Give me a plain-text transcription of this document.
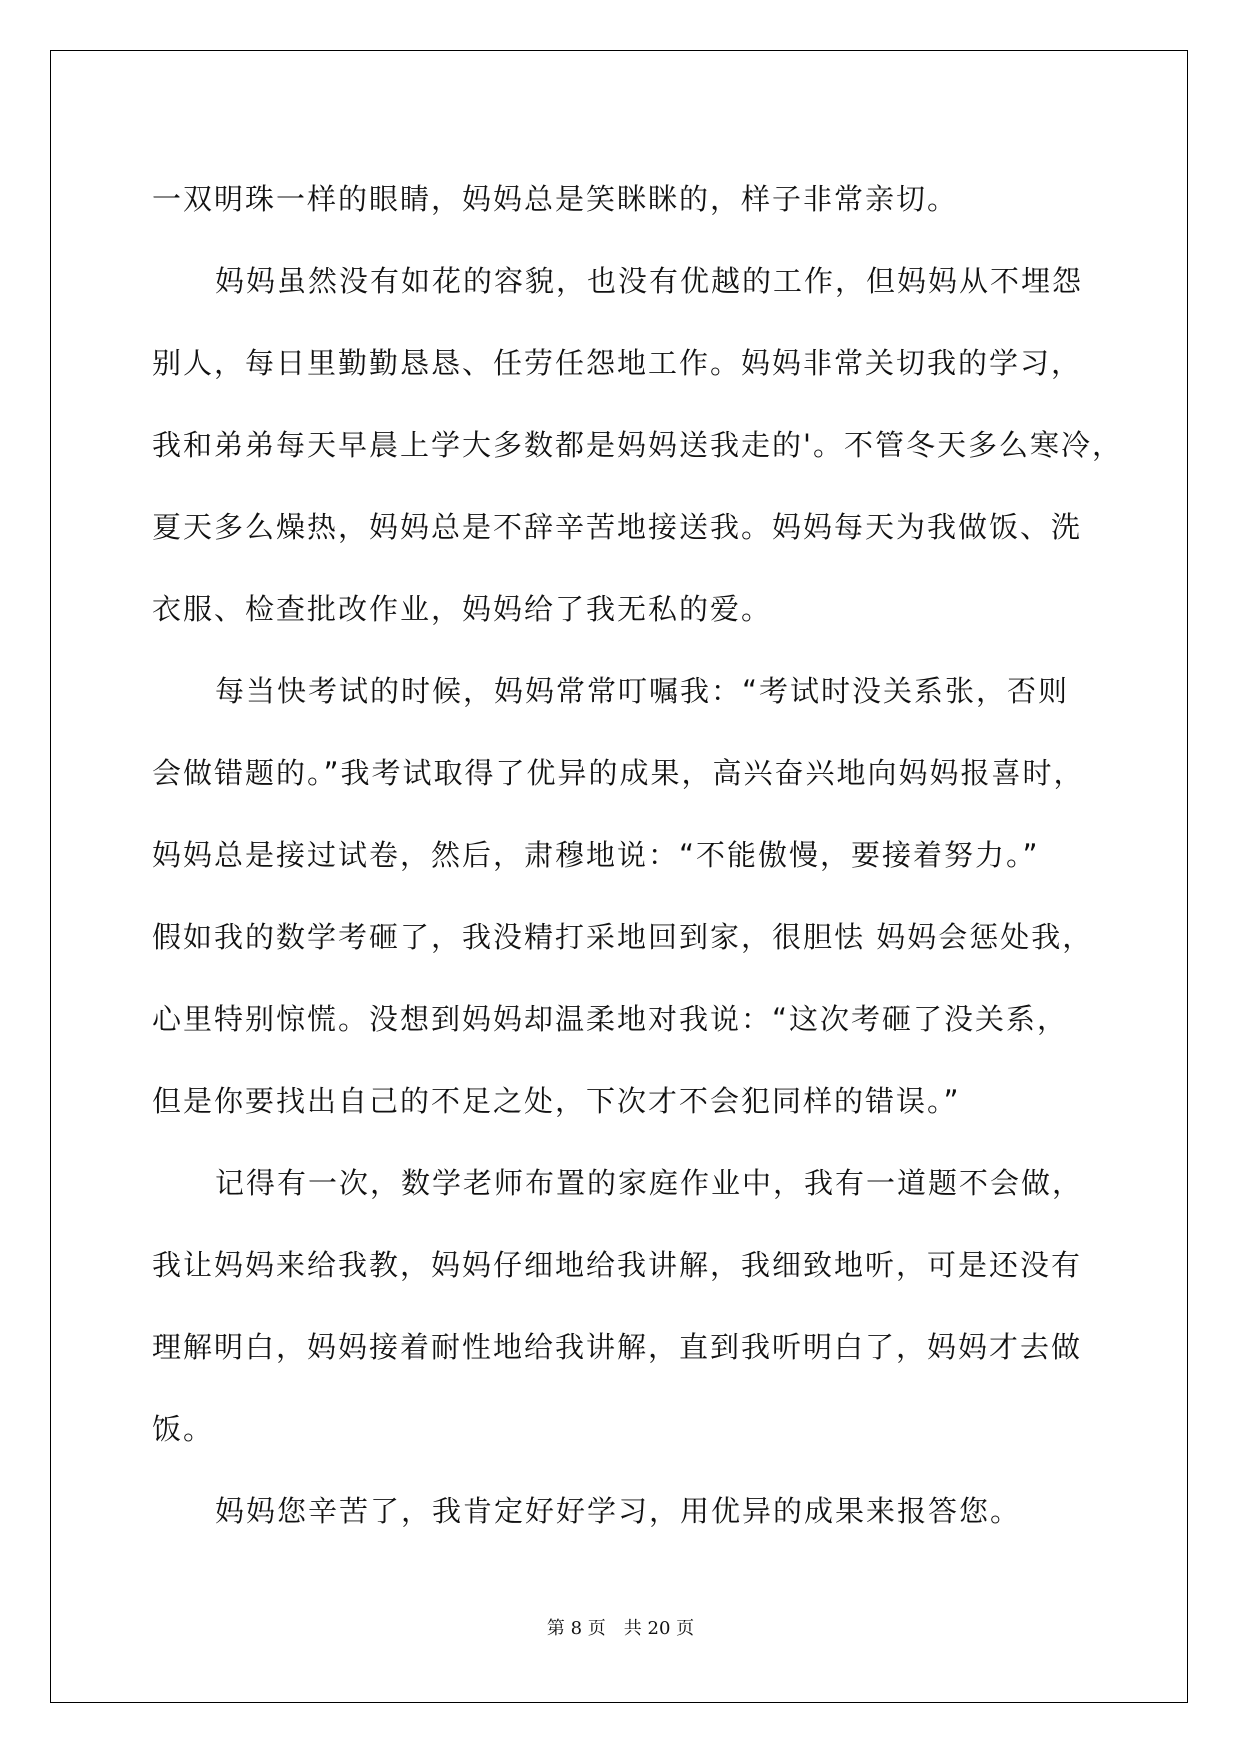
一双明珠一样的眼睛，妈妈总是笑眯眯的，样子非常亲切。

妈妈虽然没有如花的容貌，也没有优越的工作，但妈妈从不埋怨

别人，每日里勤勤恳恳、任劳任怨地工作。妈妈非常关切我的学习，

我和弟弟每天早晨上学大多数都是妈妈送我走的'。不管冬天多么寒冷，

夏天多么燥热，妈妈总是不辞辛苦地接送我。妈妈每天为我做饭、洗

衣服、检查批改作业，妈妈给了我无私的爱。

每当快考试的时候，妈妈常常叮嘱我：“考试时没关系张，否则

会做错题的。”我考试取得了优异的成果，高兴奋兴地向妈妈报喜时，

妈妈总是接过试卷，然后，肃穆地说：“不能傲慢，要接着努力。”

假如我的数学考砸了，我没精打采地回到家，很胆怯 妈妈会惩处我，

心里特别惊慌。没想到妈妈却温柔地对我说：“这次考砸了没关系，

但是你要找出自己的不足之处，下次才不会犯同样的错误。”

记得有一次，数学老师布置的家庭作业中，我有一道题不会做，

我让妈妈来给我教，妈妈仔细地给我讲解，我细致地听，可是还没有

理解明白，妈妈接着耐性地给我讲解，直到我听明白了，妈妈才去做

饭。

妈妈您辛苦了，我肯定好好学习，用优异的成果来报答您。

第 8 页　共 20 页
